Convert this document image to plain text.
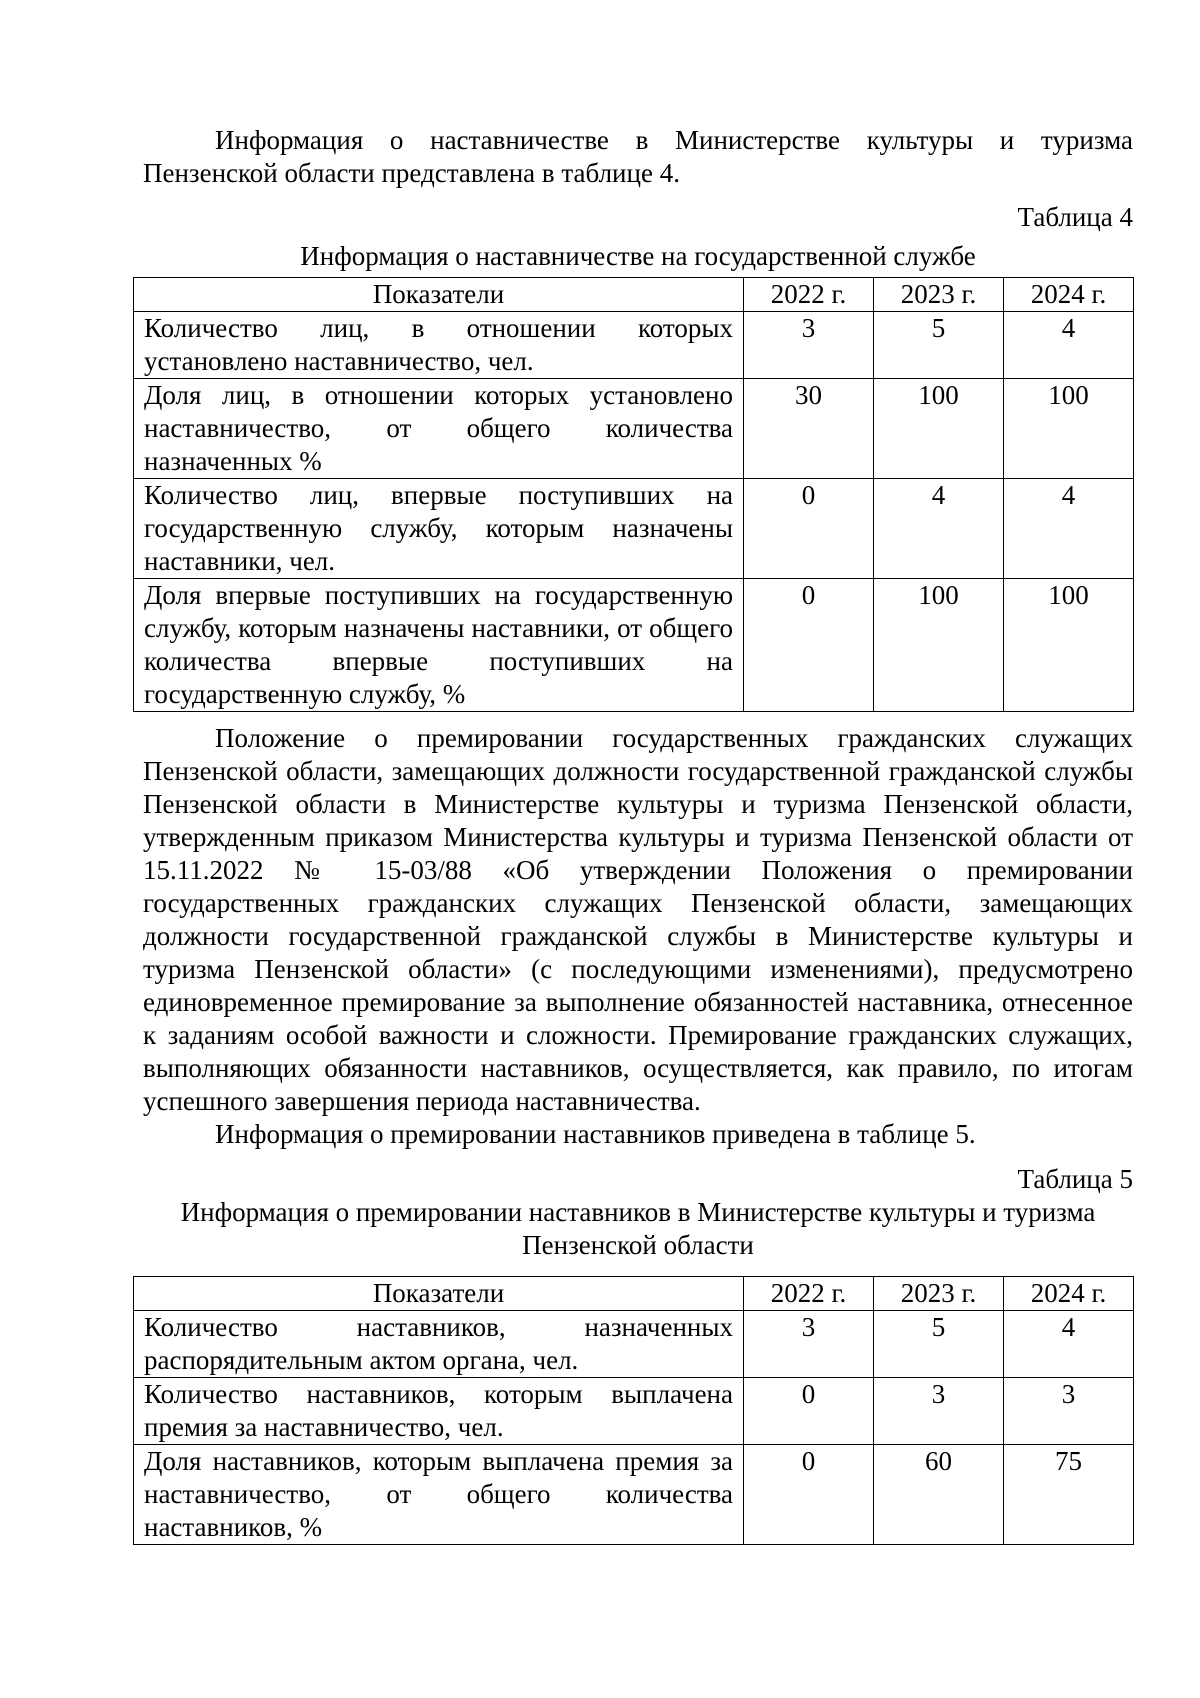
Информация о наставничестве в Министерстве культуры и туризма Пензенской области представлена в таблице 4.

Таблица 4

Информация о наставничестве на государственной службе

Показатели	2022 г.	2023 г.	2024 г.
Количество лиц, в отношении которых установлено наставничество, чел.	3	5	4
Доля лиц, в отношении которых установлено наставничество, от общего количества назначенных %	30	100	100
Количество лиц, впервые поступивших на государственную службу, которым назначены наставники, чел.	0	4	4
Доля впервые поступивших на государственную службу, которым назначены наставники, от общего количества впервые поступивших на государственную службу, %	0	100	100

Положение о премировании государственных гражданских служащих Пензенской области, замещающих должности государственной гражданской службы Пензенской области в Министерстве культуры и туризма Пензенской области, утвержденным приказом Министерства культуры и туризма Пензенской области от 15.11.2022 № 15-03/88 «Об утверждении Положения о премировании государственных гражданских служащих Пензенской области, замещающих должности государственной гражданской службы в Министерстве культуры и туризма Пензенской области» (с последующими изменениями), предусмотрено единовременное премирование за выполнение обязанностей наставника, отнесенное к заданиям особой важности и сложности. Премирование гражданских служащих, выполняющих обязанности наставников, осуществляется, как правило, по итогам успешного завершения периода наставничества.

Информация о премировании наставников приведена в таблице 5.

Таблица 5

Информация о премировании наставников в Министерстве культуры и туризма

Пензенской области

Показатели	2022 г.	2023 г.	2024 г.
Количество наставников, назначенных распорядительным актом органа, чел.	3	5	4
Количество наставников, которым выплачена премия за наставничество, чел.	0	3	3
Доля наставников, которым выплачена премия за наставничество, от общего количества наставников, %	0	60	75
